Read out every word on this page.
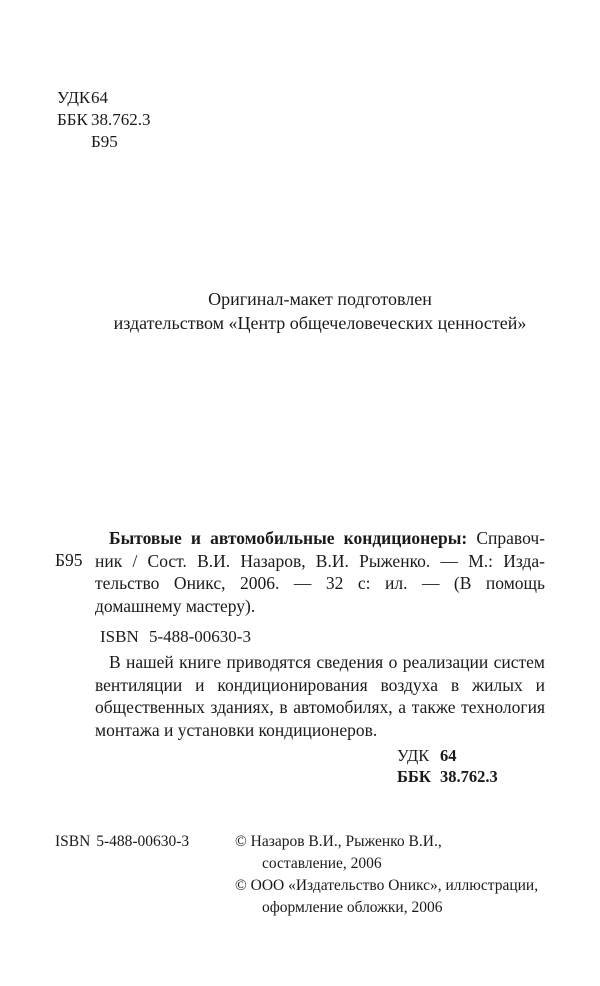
УДК 64
ББК 38.762.3
Б95
Оригинал-макет подготовлен
издательством «Центр общечеловеческих ценностей»
Б95
Бытовые и автомобильные кондиционеры: Справоч-
ник / Сост. В.И. Назаров, В.И. Рыженко. — М.: Изда-
тельство Оникс, 2006. — 32 с: ил. — (В помощь
домашнему мастеру).
ISBN 5-488-00630-3
В нашей книге приводятся сведения о реализации систем
вентиляции и кондиционирования воздуха в жилых и
общественных зданиях, в автомобилях, а также технология
монтажа и установки кондиционеров.
УДК 64
ББК 38.762.3
ISBN 5-488-00630-3	© Назаров В.И., Рыженко В.И.,
составление, 2006
© ООО «Издательство Оникс», иллюстрации,
оформление обложки, 2006
